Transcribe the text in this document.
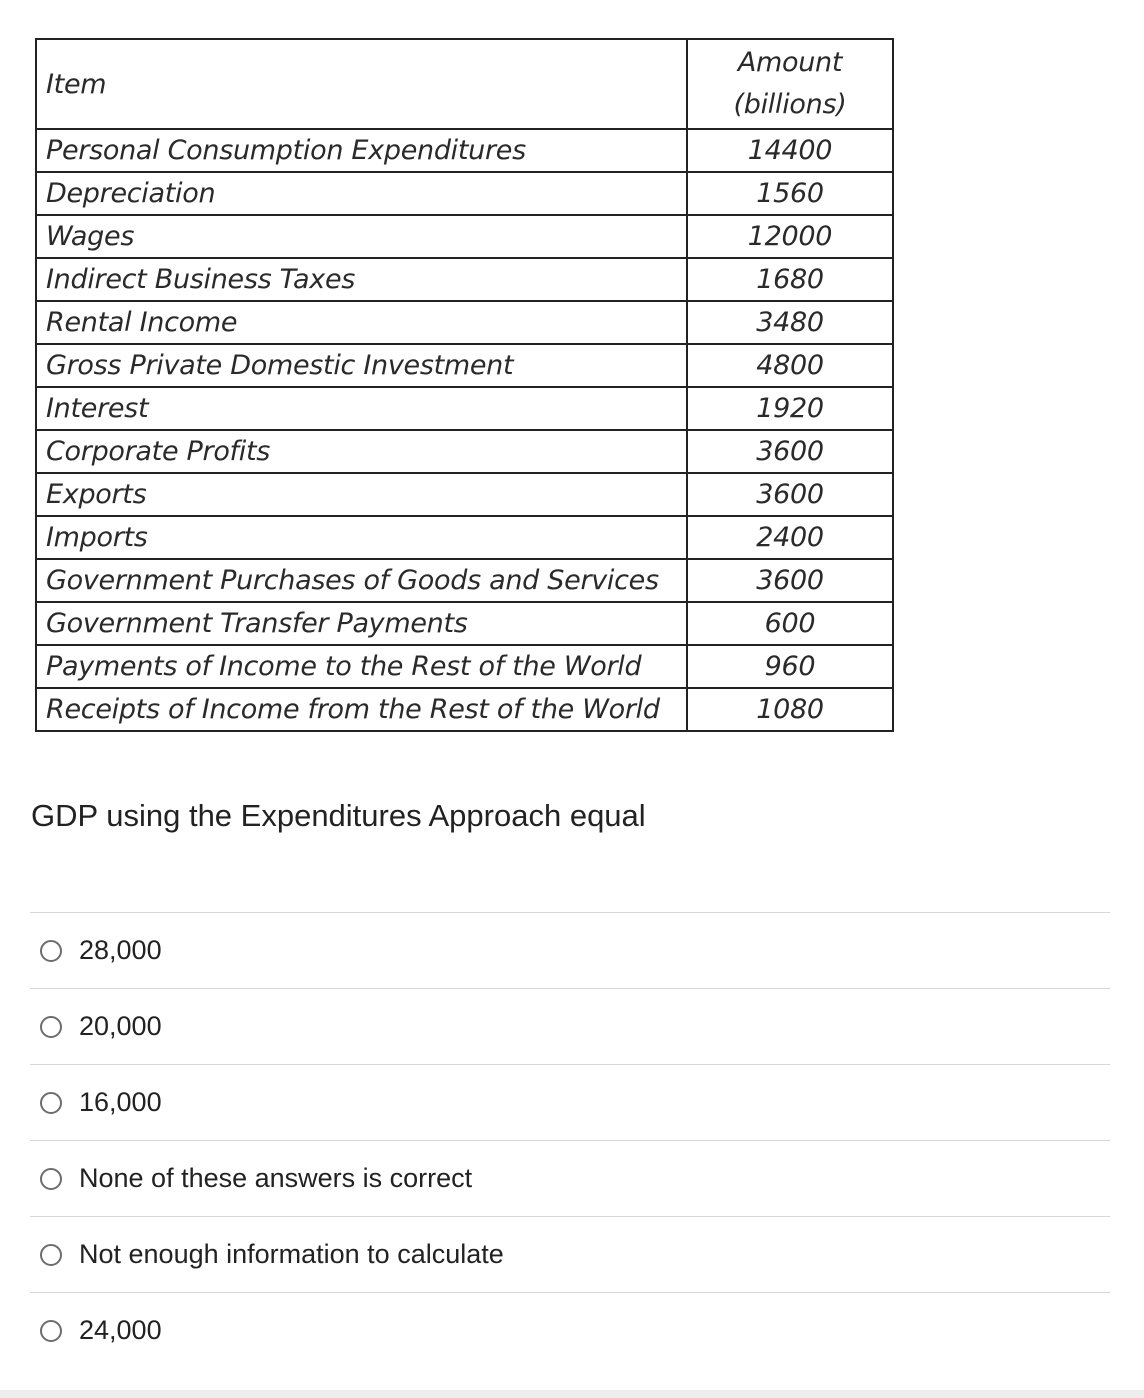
Item	Amount
(billions)
Personal Consumption Expenditures	14400
Depreciation	1560
Wages	12000
Indirect Business Taxes	1680
Rental Income	3480
Gross Private Domestic Investment	4800
Interest	1920
Corporate Profits	3600
Exports	3600
Imports	2400
Government Purchases of Goods and Services	3600
Government Transfer Payments	600
Payments of Income to the Rest of the World	960
Receipts of Income from the Rest of the World	1080
GDP using the Expenditures Approach equal
28,000
20,000
16,000
None of these answers is correct
Not enough information to calculate
24,000
